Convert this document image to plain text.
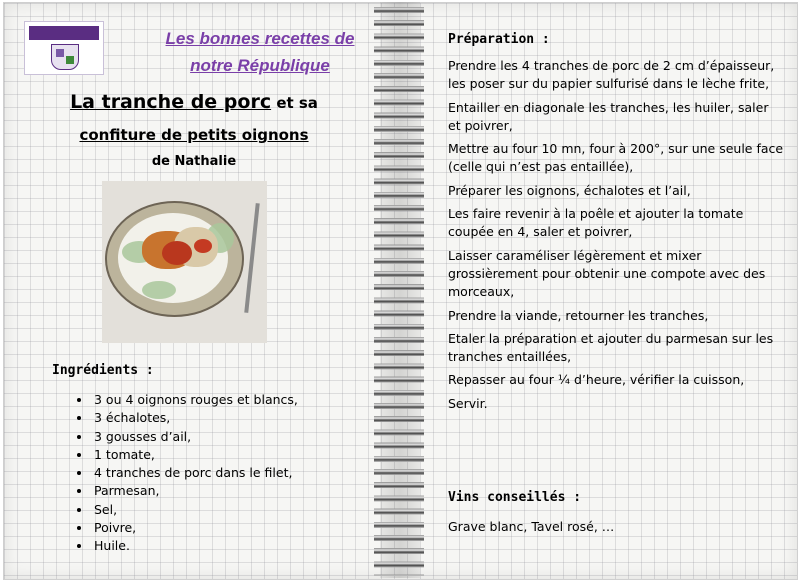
Les bonnes recettes de notre République
La tranche de porc et sa
confiture de petits oignons
de Nathalie
Ingrédients :
• 3 ou 4 oignons rouges et blancs,
• 3 échalotes,
• 3 gousses d’ail,
• 1 tomate,
• 4 tranches de porc dans le filet,
• Parmesan,
• Sel,
• Poivre,
• Huile.
Préparation :

Prendre les 4 tranches de porc de 2 cm d’épaisseur, les poser sur du papier sulfurisé dans le lèche frite,

Entailler en diagonale les tranches, les huiler, saler et poivrer,

Mettre au four 10 mn, four à 200°, sur une seule face (celle qui n’est pas entaillée),

Préparer les oignons, échalotes et l’ail,

Les faire revenir à la poêle et ajouter la tomate coupée en 4, saler et poivrer,

Laisser caraméliser légèrement et mixer grossièrement pour obtenir une compote avec des morceaux,

Prendre la viande, retourner les tranches,

Etaler la préparation et ajouter du parmesan sur les tranches entaillées,

Repasser au four ¼ d’heure, vérifier la cuisson,

Servir.

Vins conseillés :
Grave blanc, Tavel rosé, …
